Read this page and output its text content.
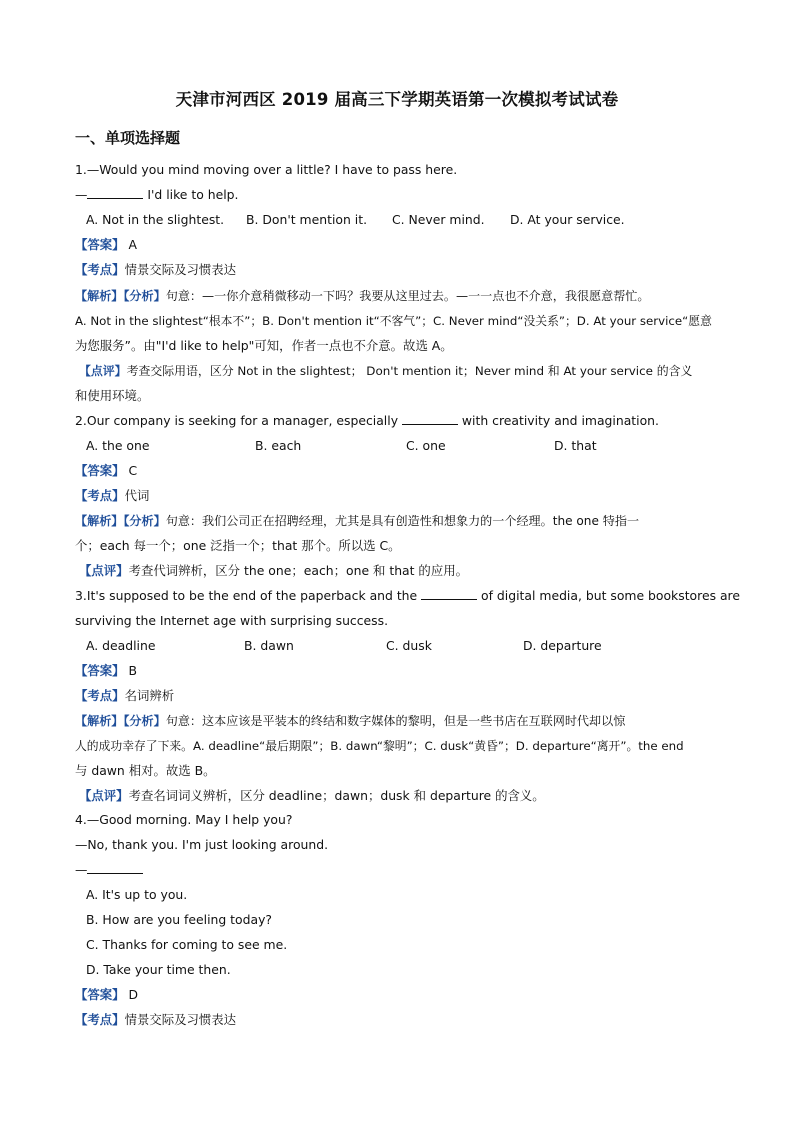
天津市河西区 2019 届高三下学期英语第一次模拟考试试卷
一、单项选择题
1.—Would you mind moving over a little? I have to pass here.
—	I'd like to help.
A. Not in the slightest. B. Don't mention it. C. Never mind. D. At your service.
【答案】 A
【考点】情景交际及习惯表达
【解析】【分析】句意：—一你介意稍微移动一下吗？我要从这里过去。—一一点也不介意，我很愿意帮忙。
A. Not in the slightest“根本不”；B. Don't mention it“不客气”；C. Never mind“没关系”；D. At your service“愿意
为您服务”。由"I'd like to help"可知，作者一点也不介意。故选 A。
【点评】考查交际用语，区分 Not in the slightest； Don't mention it；Never mind 和 At your service 的含义
和使用环境。
2.Our company is seeking for a manager, especially	with creativity and imagination.
A. the one	B. each	C. one	D. that
【答案】 C
【考点】代词
【解析】【分析】句意：我们公司正在招聘经理，尤其是具有创造性和想象力的一个经理。the one 特指一
个；each 每一个；one 泛指一个；that 那个。所以选 C。
【点评】考查代词辨析，区分 the one；each；one 和 that 的应用。
3.It's supposed to be the end of the paperback and the	of digital media, but some bookstores are
surviving the Internet age with surprising success.
A. deadline	B. dawn	C. dusk	D. departure
【答案】 B
【考点】名词辨析
【解析】【分析】句意：这本应该是平装本的终结和数字媒体的黎明，但是一些书店在互联网时代却以惊
人的成功幸存了下来。A. deadline“最后期限”；B. dawn“黎明”；C. dusk“黄昏”；D. departure“离开”。the end
与 dawn 相对。故选 B。
【点评】考查名词词义辨析，区分 deadline；dawn；dusk 和 departure 的含义。
4.—Good morning. May I help you?
—No, thank you. I'm just looking around.
—
A. It's up to you.
B. How are you feeling today?
C. Thanks for coming to see me.
D. Take your time then.
【答案】 D
【考点】情景交际及习惯表达
